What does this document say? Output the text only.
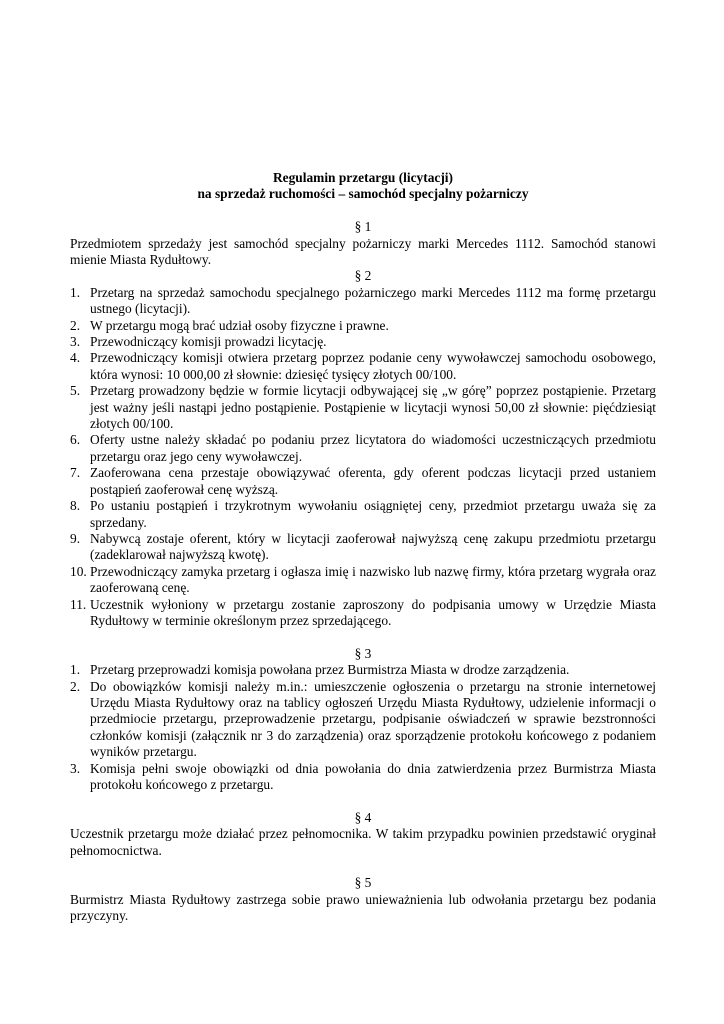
Regulamin przetargu (licytacji)
na sprzedaż ruchomości – samochód specjalny pożarniczy
§ 1

Przedmiotem sprzedaży jest samochód specjalny pożarniczy marki Mercedes 1112. Samochód stanowi mienie Miasta Rydułtowy.

§ 2
1. Przetarg na sprzedaż samochodu specjalnego pożarniczego marki Mercedes 1112 ma formę przetargu ustnego (licytacji).
2. W przetargu mogą brać udział osoby fizyczne i prawne.
3. Przewodniczący komisji prowadzi licytację.
4. Przewodniczący komisji otwiera przetarg poprzez podanie ceny wywoławczej samochodu osobowego, która wynosi: 10 000,00 zł słownie: dziesięć tysięcy złotych 00/100.
5. Przetarg prowadzony będzie w formie licytacji odbywającej się „w górę” poprzez postąpienie. Przetarg jest ważny jeśli nastąpi jedno postąpienie. Postąpienie w licytacji wynosi 50,00 zł słownie: pięćdziesiąt złotych 00/100.
6. Oferty ustne należy składać po podaniu przez licytatora do wiadomości uczestniczących przedmiotu przetargu oraz jego ceny wywoławczej.
7. Zaoferowana cena przestaje obowiązywać oferenta, gdy oferent podczas licytacji przed ustaniem postąpień zaoferował cenę wyższą.
8. Po ustaniu postąpień i trzykrotnym wywołaniu osiągniętej ceny, przedmiot przetargu uważa się za sprzedany.
9. Nabywcą zostaje oferent, który w licytacji zaoferował najwyższą cenę zakupu przedmiotu przetargu (zadeklarował najwyższą kwotę).
10. Przewodniczący zamyka przetarg i ogłasza imię i nazwisko lub nazwę firmy, która przetarg wygrała oraz zaoferowaną cenę.
11. Uczestnik wyłoniony w przetargu zostanie zaproszony do podpisania umowy w Urzędzie Miasta Rydułtowy w terminie określonym przez sprzedającego.
§ 3
1. Przetarg przeprowadzi komisja powołana przez Burmistrza Miasta w drodze zarządzenia.
2. Do obowiązków komisji należy m.in.: umieszczenie ogłoszenia o przetargu na stronie internetowej Urzędu Miasta Rydułtowy oraz na tablicy ogłoszeń Urzędu Miasta Rydułtowy, udzielenie informacji o przedmiocie przetargu, przeprowadzenie przetargu, podpisanie oświadczeń w sprawie bezstronności członków komisji (załącznik nr 3 do zarządzenia) oraz sporządzenie protokołu końcowego z podaniem wyników przetargu.
3. Komisja pełni swoje obowiązki od dnia powołania do dnia zatwierdzenia przez Burmistrza Miasta protokołu końcowego z przetargu.
§ 4

Uczestnik przetargu może działać przez pełnomocnika. W takim przypadku powinien przedstawić oryginał pełnomocnictwa.

§ 5

Burmistrz Miasta Rydułtowy zastrzega sobie prawo unieważnienia lub odwołania przetargu bez podania przyczyny.
